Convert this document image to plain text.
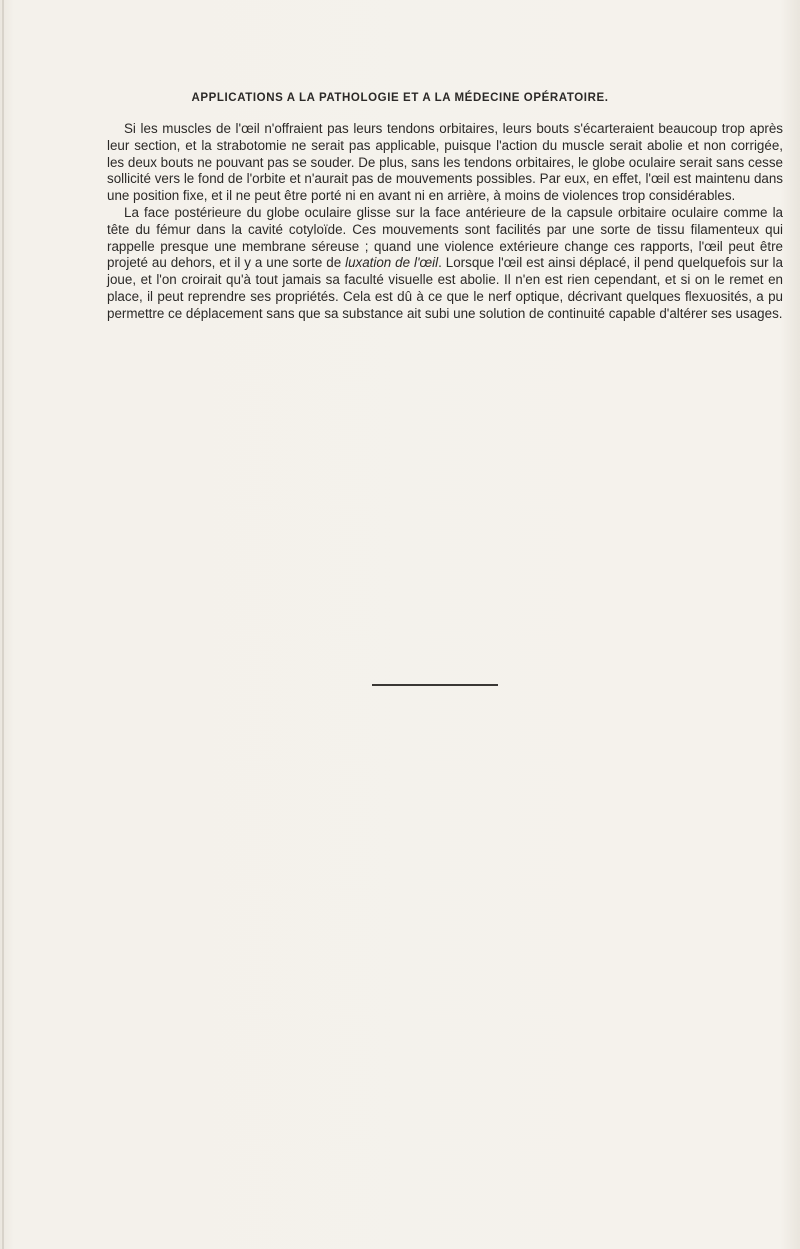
APPLICATIONS A LA PATHOLOGIE ET A LA MÉDECINE OPÉRATOIRE.

Si les muscles de l'œil n'offraient pas leurs tendons orbitaires, leurs bouts s'écarteraient beaucoup trop après leur section, et la strabotomie ne serait pas applicable, puisque l'action du muscle serait abolie et non corrigée, les deux bouts ne pouvant pas se souder. De plus, sans les tendons orbitaires, le globe oculaire serait sans cesse sollicité vers le fond de l'orbite et n'aurait pas de mouvements possibles. Par eux, en effet, l'œil est maintenu dans une position fixe, et il ne peut être porté ni en avant ni en arrière, à moins de violences trop considérables.

La face postérieure du globe oculaire glisse sur la face antérieure de la capsule orbitaire oculaire comme la tête du fémur dans la cavité cotyloïde. Ces mouvements sont facilités par une sorte de tissu filamenteux qui rappelle presque une membrane séreuse ; quand une violence extérieure change ces rapports, l'œil peut être projeté au dehors, et il y a une sorte de luxation de l'œil. Lorsque l'œil est ainsi déplacé, il pend quelquefois sur la joue, et l'on croirait qu'à tout jamais sa faculté visuelle est abolie. Il n'en est rien cependant, et si on le remet en place, il peut reprendre ses propriétés. Cela est dû à ce que le nerf optique, décrivant quelques flexuosités, a pu permettre ce déplacement sans que sa substance ait subi une solution de continuité capable d'altérer ses usages.
